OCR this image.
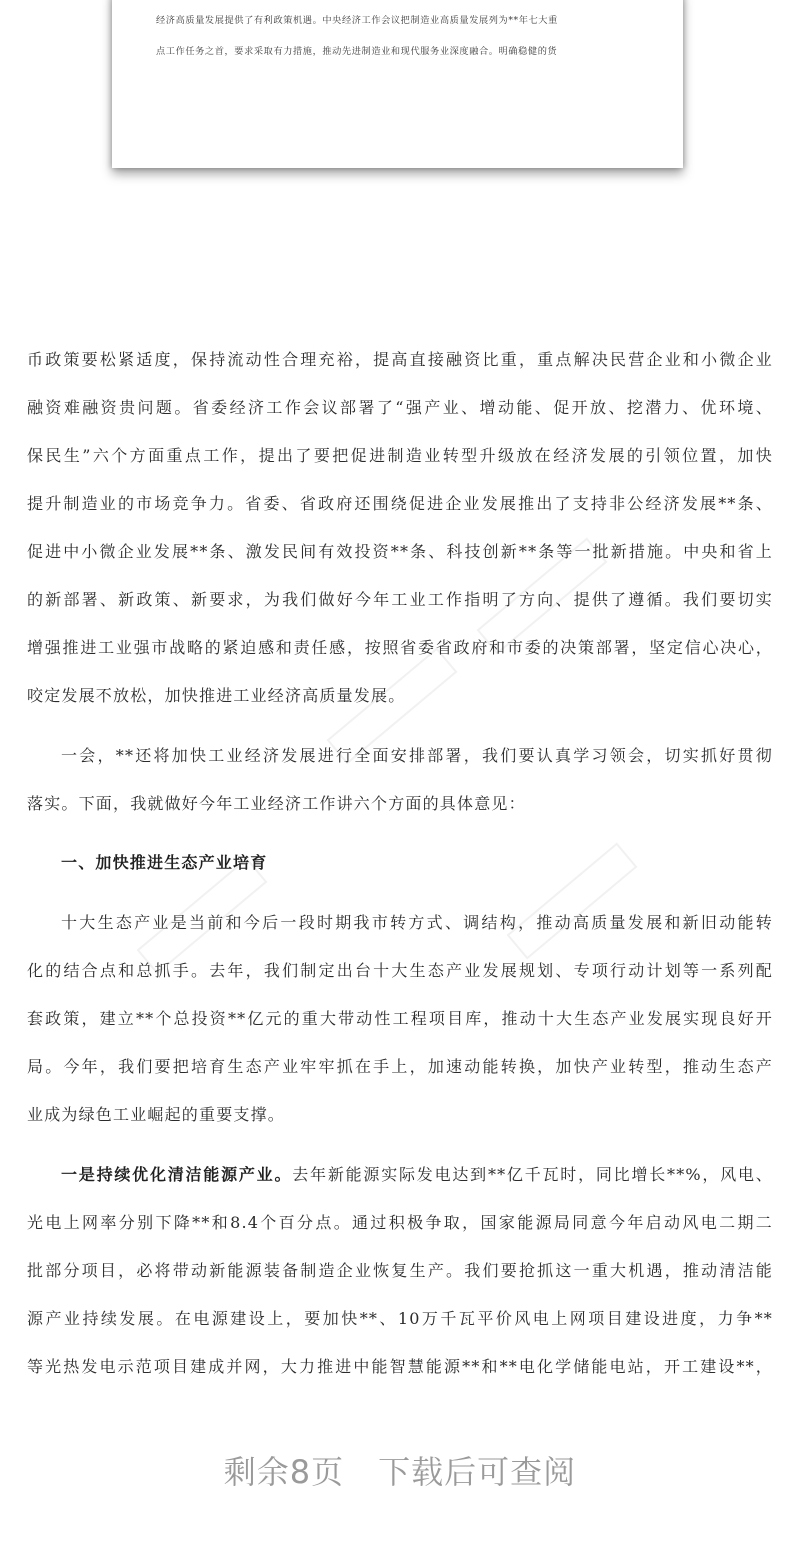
经济高质量发展提供了有利政策机遇。中央经济工作会议把制造业高质量发展列为**年七大重

点工作任务之首，要求采取有力措施，推动先进制造业和现代服务业深度融合。明确稳健的货

币政策要松紧适度，保持流动性合理充裕，提高直接融资比重，重点解决民营企业和小微企业
融资难融资贵问题。省委经济工作会议部署了“强产业、增动能、促开放、挖潜力、优环境、
保民生”六个方面重点工作，提出了要把促进制造业转型升级放在经济发展的引领位置，加快
提升制造业的市场竞争力。省委、省政府还围绕促进企业发展推出了支持非公经济发展**条、
促进中小微企业发展**条、激发民间有效投资**条、科技创新**条等一批新措施。中央和省上
的新部署、新政策、新要求，为我们做好今年工业工作指明了方向、提供了遵循。我们要切实
增强推进工业强市战略的紧迫感和责任感，按照省委省政府和市委的决策部署，坚定信心决心，
咬定发展不放松，加快推进工业经济高质量发展。
一会，**还将加快工业经济发展进行全面安排部署，我们要认真学习领会，切实抓好贯彻
落实。下面，我就做好今年工业经济工作讲六个方面的具体意见：
一、加快推进生态产业培育
十大生态产业是当前和今后一段时期我市转方式、调结构，推动高质量发展和新旧动能转
化的结合点和总抓手。去年，我们制定出台十大生态产业发展规划、专项行动计划等一系列配
套政策，建立**个总投资**亿元的重大带动性工程项目库，推动十大生态产业发展实现良好开
局。今年，我们要把培育生态产业牢牢抓在手上，加速动能转换，加快产业转型，推动生态产
业成为绿色工业崛起的重要支撑。
一是持续优化清洁能源产业。去年新能源实际发电达到**亿千瓦时，同比增长**%，风电、
光电上网率分别下降**和8.4个百分点。通过积极争取，国家能源局同意今年启动风电二期二
批部分项目，必将带动新能源装备制造企业恢复生产。我们要抢抓这一重大机遇，推动清洁能
源产业持续发展。在电源建设上，要加快**、10万千瓦平价风电上网项目建设进度，力争**
等光热发电示范项目建成并网，大力推进中能智慧能源**和**电化学储能电站，开工建设**，
剩余8页 下载后可查阅
